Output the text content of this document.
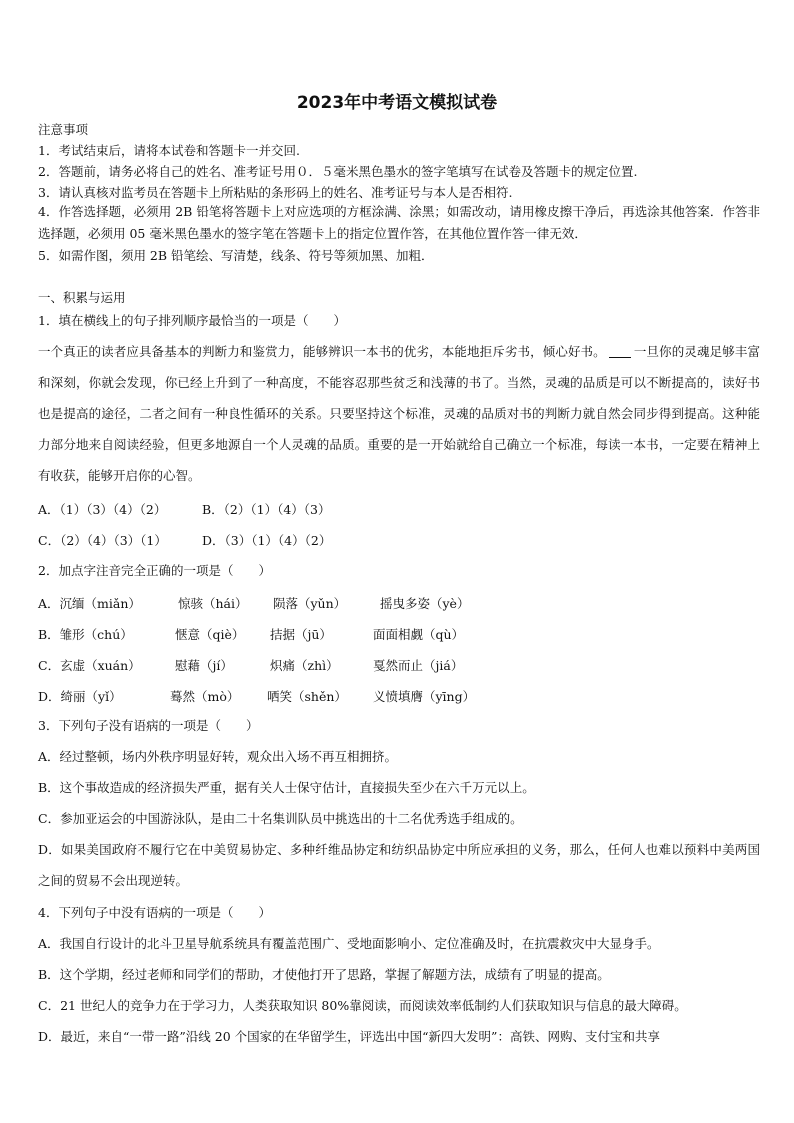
2023年中考语文模拟试卷
注意事项
1．考试结束后，请将本试卷和答题卡一并交回.
2．答题前，请务必将自己的姓名、准考证号用０．５毫米黑色墨水的签字笔填写在试卷及答题卡的规定位置.
3．请认真核对监考员在答题卡上所粘贴的条形码上的姓名、准考证号与本人是否相符.
4．作答选择题，必须用 2B 铅笔将答题卡上对应选项的方框涂满、涂黑；如需改动，请用橡皮擦干净后，再选涂其他答案．作答非选择题，必须用 05 毫米黑色墨水的签字笔在答题卡上的指定位置作答，在其他位置作答一律无效．
5．如需作图，须用 2B 铅笔绘、写清楚，线条、符号等须加黑、加粗．
一、积累与运用
1．填在横线上的句子排列顺序最恰当的一项是（　　）
一个真正的读者应具备基本的判断力和鉴赏力，能够辨识一本书的优劣，本能地拒斥劣书，倾心好书。 一旦你的灵魂足够丰富和深刻，你就会发现，你已经上升到了一种高度，不能容忍那些贫乏和浅薄的书了。当然，灵魂的品质是可以不断提高的，读好书也是提高的途径，二者之间有一种良性循环的关系。只要坚持这个标准，灵魂的品质对书的判断力就自然会同步得到提高。这种能力部分地来自阅读经验，但更多地源自一个人灵魂的品质。重要的是一开始就给自己确立一个标准，每读一本书，一定要在精神上有收获，能够开启你的心智。
A．（1）（3）（4）（2）	B．（2）（1）（4）（3）
C．（2）（4）（3）（1）	D．（3）（1）（4）（2）
2．加点字注音完全正确的一项是（　　）
A．沉缅（miǎn）	惊骇（hái） 陨落（yǔn）	摇曳多姿（yè）
B．雏形（chú）	惬意（qiè） 拮据（jū）	面面相觑（qù）
C．玄虚（xuán）	慰藉（jí）	炽痛（zhì）	戛然而止（jiá）
D．绮丽（yǐ）	蓦然（mò） 哂笑（shěn） 义愤填膺（yīng）
3．下列句子没有语病的一项是（　　）
A．经过整顿，场内外秩序明显好转，观众出入场不再互相拥挤。
B．这个事故造成的经济损失严重，据有关人士保守估计，直接损失至少在六千万元以上。
C．参加亚运会的中国游泳队，是由二十名集训队员中挑选出的十二名优秀选手组成的。
D．如果美国政府不履行它在中美贸易协定、多种纤维品协定和纺织品协定中所应承担的义务，那么，任何人也难以预料中美两国之间的贸易不会出现逆转。
4．下列句子中没有语病的一项是（　　）
A．我国自行设计的北斗卫星导航系统具有覆盖范围广、受地面影响小、定位准确及时，在抗震救灾中大显身手。
B．这个学期，经过老师和同学们的帮助，才使他打开了思路，掌握了解题方法，成绩有了明显的提高。
C．21 世纪人的竞争力在于学习力，人类获取知识 80%靠阅读，而阅读效率低制约人们获取知识与信息的最大障碍。
D．最近，来自“一带一路”沿线 20 个国家的在华留学生，评选出中国“新四大发明”：高铁、网购、支付宝和共享
